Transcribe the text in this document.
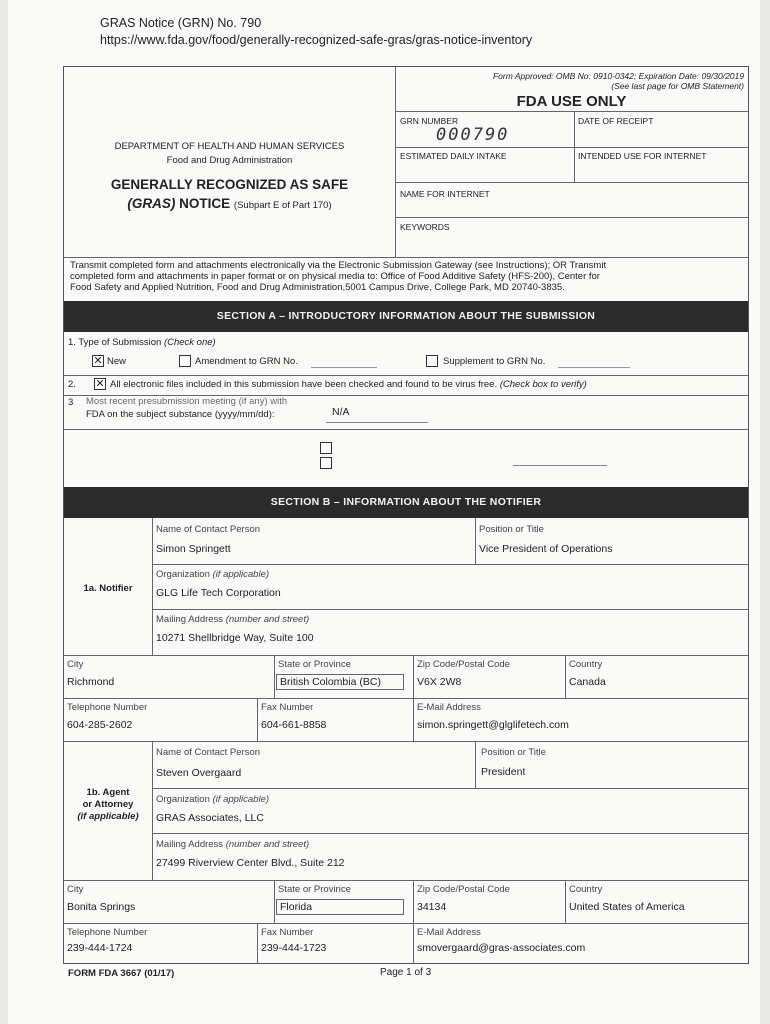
GRAS Notice (GRN) No. 790
https://www.fda.gov/food/generally-recognized-safe-gras/gras-notice-inventory
Form Approved: OMB No. 0910-0342; Expiration Date: 09/30/2019
(See last page for OMB Statement)
FDA USE ONLY
GRN NUMBER
000790
DATE OF RECEIPT
ESTIMATED DAILY INTAKE	INTENDED USE FOR INTERNET
NAME FOR INTERNET
KEYWORDS
DEPARTMENT OF HEALTH AND HUMAN SERVICES
Food and Drug Administration
GENERALLY RECOGNIZED AS SAFE
(GRAS) NOTICE (Subpart E of Part 170)
Transmit completed form and attachments electronically via the Electronic Submission Gateway (see Instructions); OR Transmit
completed form and attachments in paper format or on physical media to: Office of Food Additive Safety (HFS-200), Center for
Food Safety and Applied Nutrition, Food and Drug Administration,5001 Campus Drive, College Park, MD 20740-3835.
SECTION A – INTRODUCTORY INFORMATION ABOUT THE SUBMISSION
1. Type of Submission (Check one)
✕ New	Amendment to GRN No.	Supplement to GRN No.
2. ✕ All electronic files included in this submission have been checked and found to be virus free. (Check box to verify)
3 Most recent presubmission meeting (if any) with
FDA on the subject substance (yyyy/mm/dd):	N/A
SECTION B – INFORMATION ABOUT THE NOTIFIER
1a. Notifier
Name of Contact Person
Simon Springett
Position or Title
Vice President of Operations
Organization (if applicable)
GLG Life Tech Corporation
Mailing Address (number and street)
10271 Shellbridge Way, Suite 100
City
Richmond
State or Province
British Colombia (BC)
Zip Code/Postal Code
V6X 2W8
Country
Canada
Telephone Number
604-285-2602
Fax Number
604-661-8858
E-Mail Address
simon.springett@glglifetech.com
1b. Agent
or Attorney
(if applicable)
Name of Contact Person
Steven Overgaard
Position or Title
President
Organization (if applicable)
GRAS Associates, LLC
Mailing Address (number and street)
27499 Riverview Center Blvd., Suite 212
City
Bonita Springs
State or Province
Florida
Zip Code/Postal Code
34134
Country
United States of America
Telephone Number
239-444-1724
Fax Number
239-444-1723
E-Mail Address
smovergaard@gras-associates.com
FORM FDA 3667 (01/17)	Page 1 of 3
